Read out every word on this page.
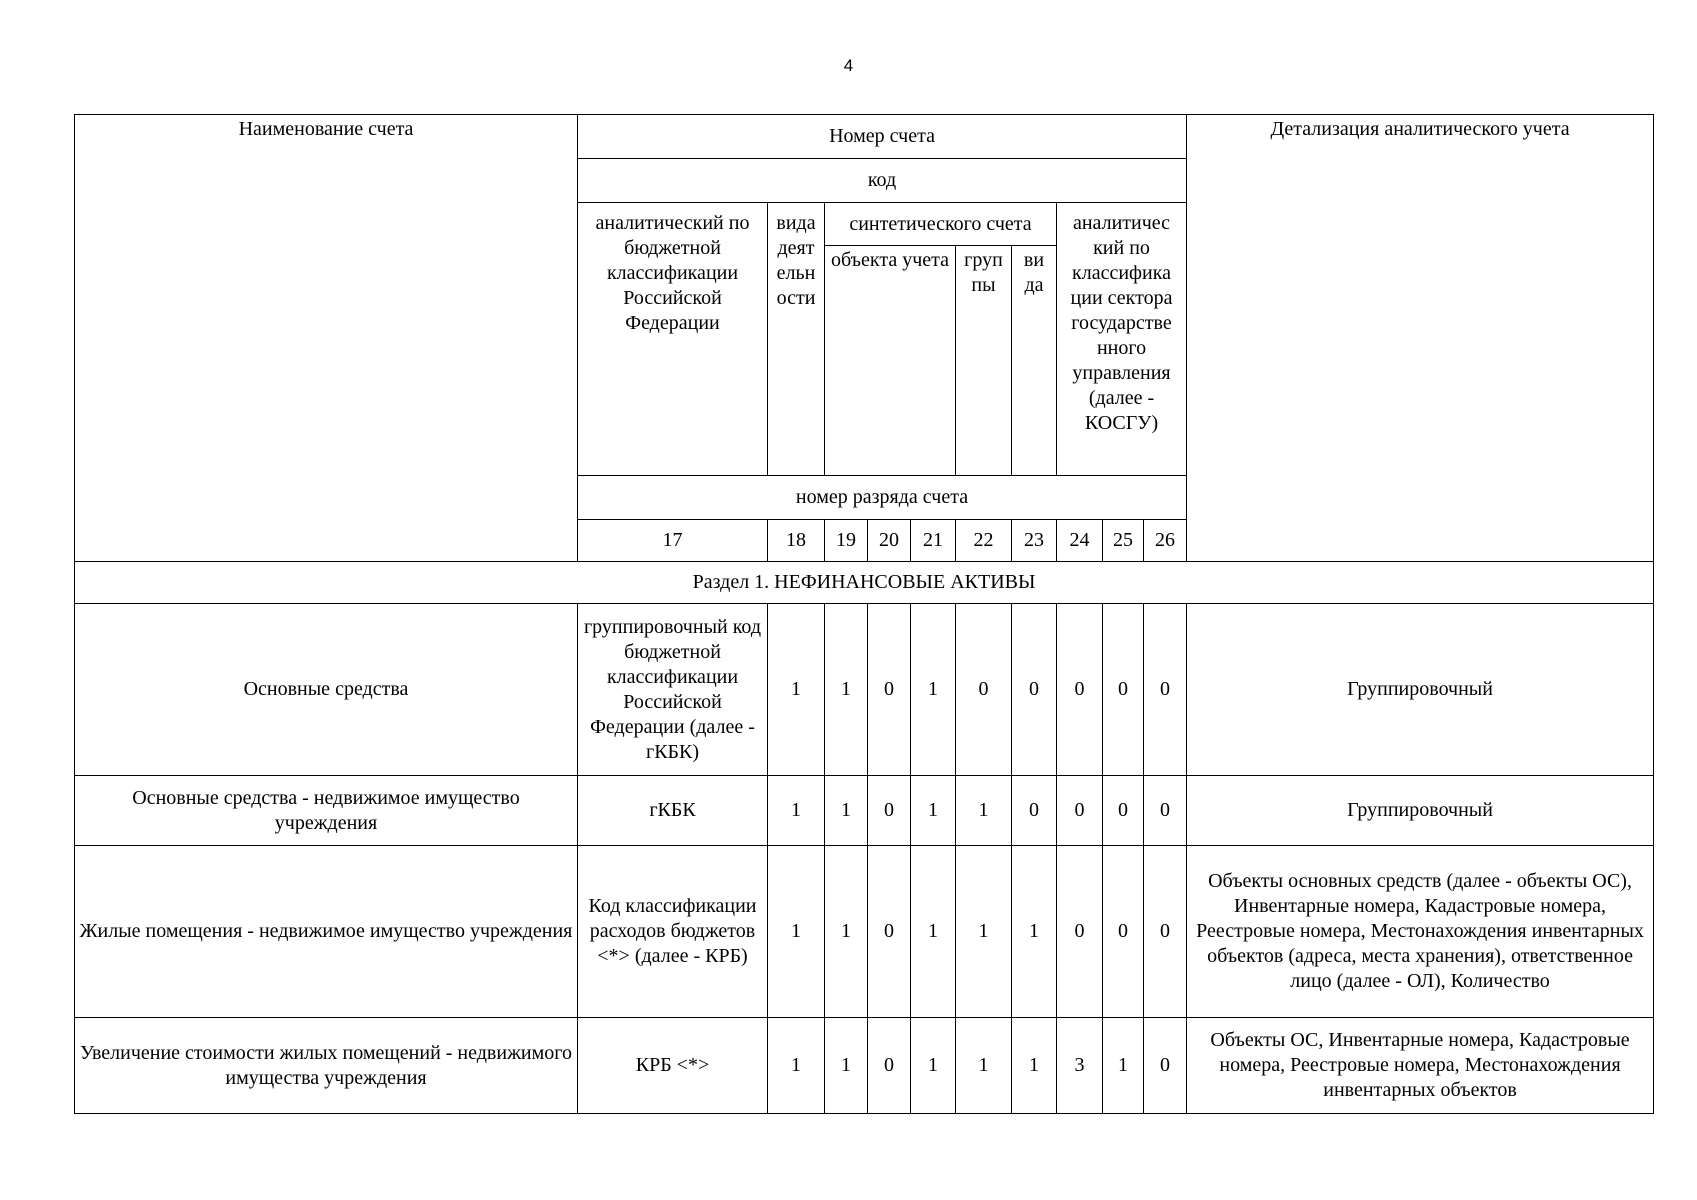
4
Наименование счета	Номер счета										Детализация аналитического учета
	код										
	аналитический по бюджетной классификации Российской Федерации	вида деят ельн ости	синтетического счета					аналитичес кий по классифика ции сектора государстве нного управления (далее - КОСГУ)			
			объекта учета			груп пы	ви да				
	номер разряда счета										
	17	18	19	20	21	22	23	24	25	26	
Раздел 1. НЕФИНАНСОВЫЕ АКТИВЫ											
Основные средства	группировочный код бюджетной классификации Российской Федерации (далее - гКБК)	1	1	0	1	0	0	0	0	0	Группировочный
Основные средства - недвижимое имущество учреждения	гКБК	1	1	0	1	1	0	0	0	0	Группировочный
Жилые помещения - недвижимое имущество учреждения	Код классификации расходов бюджетов <*> (далее - КРБ)	1	1	0	1	1	1	0	0	0	Объекты основных средств (далее - объекты ОС), Инвентарные номера, Кадастровые номера, Реестровые номера, Местонахождения инвентарных объектов (адреса, места хранения), ответственное лицо (далее - ОЛ), Количество
Увеличение стоимости жилых помещений - недвижимого имущества учреждения	КРБ <*>	1	1	0	1	1	1	3	1	0	Объекты ОС, Инвентарные номера, Кадастровые номера, Реестровые номера, Местонахождения инвентарных объектов
